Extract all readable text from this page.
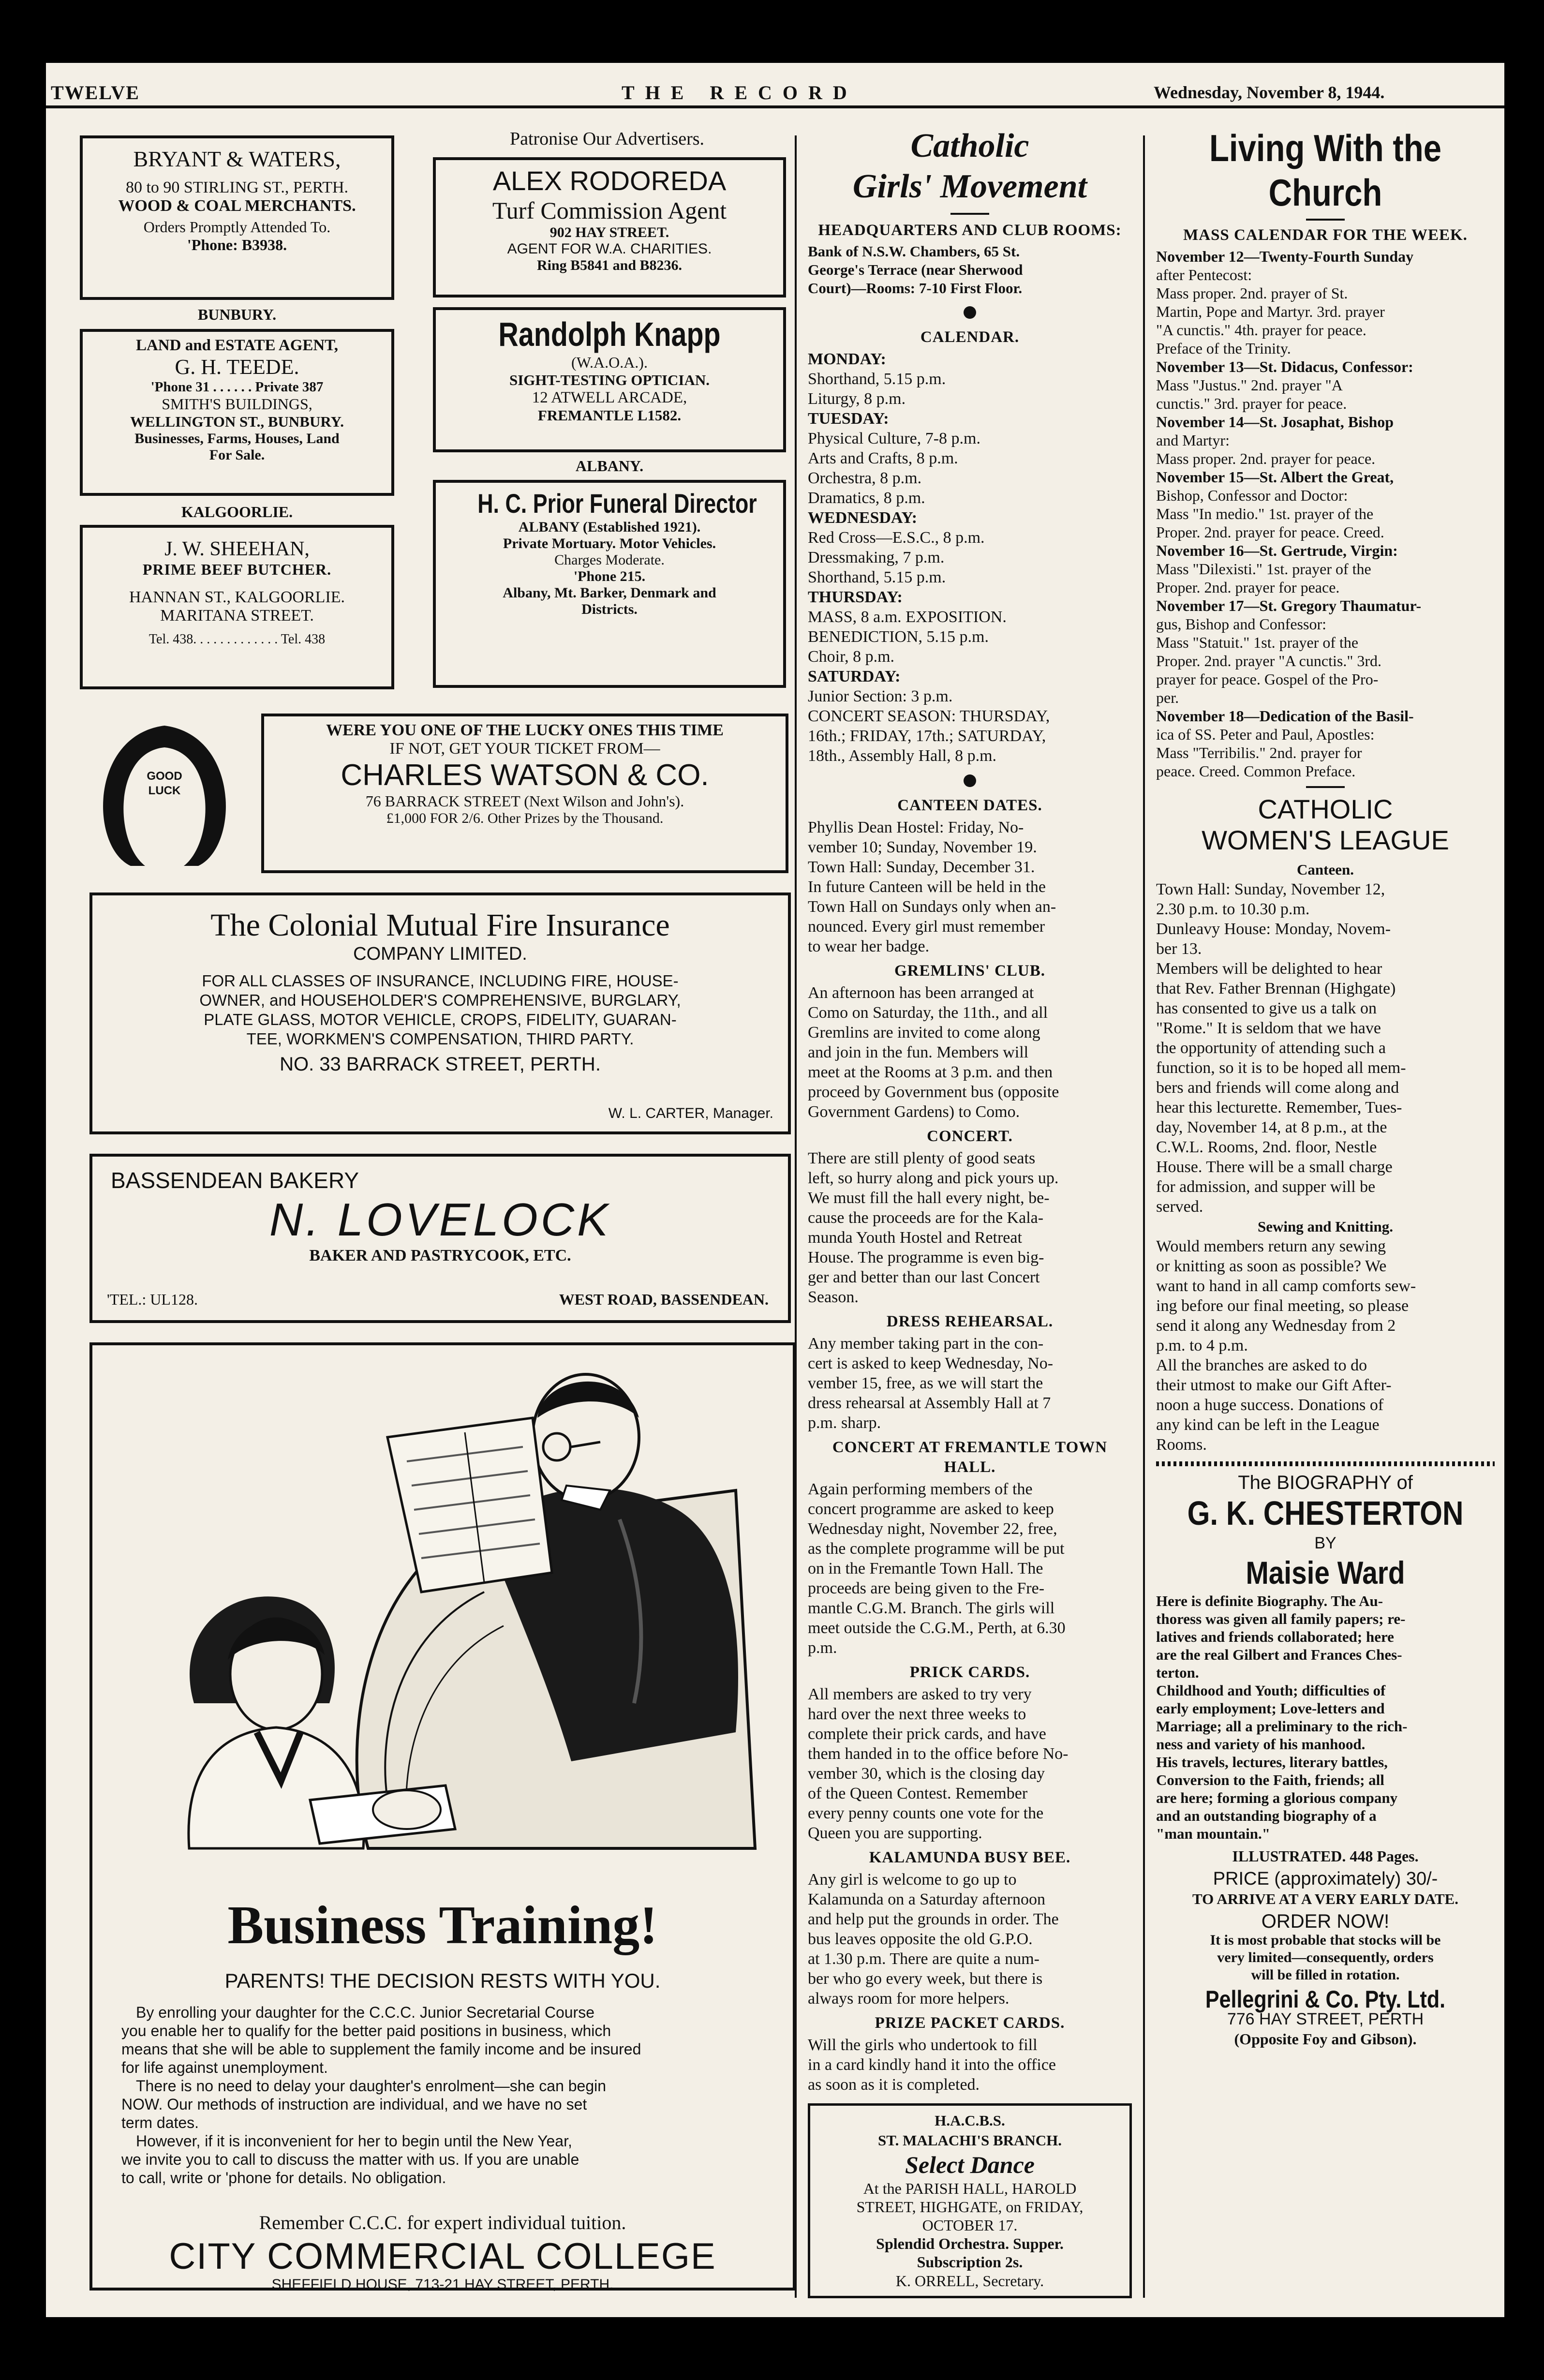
TWELVE	THE RECORD	Wednesday, November 8, 1944.
BRYANT & WATERS,
80 to 90 STIRLING ST., PERTH.
WOOD & COAL MERCHANTS.
Orders Promptly Attended To.
'Phone: B3938.
BUNBURY.
LAND and ESTATE AGENT,
G. H. TEEDE.
'Phone 31 . . . . . . Private 387
SMITH'S BUILDINGS,
WELLINGTON ST., BUNBURY.
Businesses, Farms, Houses, Land
For Sale.
KALGOORLIE.
J. W. SHEEHAN,
PRIME BEEF BUTCHER.
HANNAN ST., KALGOORLIE.
MARITANA STREET.
Tel. 438. . . . . . . . . . . . . Tel. 438
Patronise Our Advertisers.
ALEX RODOREDA
Turf Commission Agent
902 HAY STREET.
AGENT FOR W.A. CHARITIES.
Ring B5841 and B8236.
Randolph Knapp
(W.A.O.A.).
SIGHT-TESTING OPTICIAN.
12 ATWELL ARCADE,
FREMANTLE L1582.
ALBANY.
H. C. Prior Funeral Director
ALBANY (Established 1921).
Private Mortuary. Motor Vehicles.
Charges Moderate.
'Phone 215.
Albany, Mt. Barker, Denmark and
Districts.
GOOD
LUCK
WERE YOU ONE OF THE LUCKY ONES THIS TIME
IF NOT, GET YOUR TICKET FROM—
CHARLES WATSON & CO.
76 BARRACK STREET (Next Wilson and John's).
£1,000 FOR 2/6. Other Prizes by the Thousand.
The Colonial Mutual Fire Insurance
COMPANY LIMITED.
FOR ALL CLASSES OF INSURANCE, INCLUDING FIRE, HOUSE-
OWNER, and HOUSEHOLDER'S COMPREHENSIVE, BURGLARY,
PLATE GLASS, MOTOR VEHICLE, CROPS, FIDELITY, GUARAN-
TEE, WORKMEN'S COMPENSATION, THIRD PARTY.
NO. 33 BARRACK STREET, PERTH.
W. L. CARTER, Manager.
BASSENDEAN BAKERY
N. LOVELOCK
BAKER AND PASTRYCOOK, ETC.
'TEL.: UL128.	WEST ROAD, BASSENDEAN.
Business Training!
PARENTS! THE DECISION RESTS WITH YOU.
By enrolling your daughter for the C.C.C. Junior Secretarial Course
you enable her to qualify for the better paid positions in business, which
means that she will be able to supplement the family income and be insured
for life against unemployment.
There is no need to delay your daughter's enrolment—she can begin
NOW. Our methods of instruction are individual, and we have no set
term dates.
However, if it is inconvenient for her to begin until the New Year,
we invite you to call to discuss the matter with us. If you are unable
to call, write or 'phone for details. No obligation.
Remember C.C.C. for expert individual tuition.
CITY COMMERCIAL COLLEGE
SHEFFIELD HOUSE, 713-21 HAY STREET, PERTH.
Catholic
Girls' Movement
HEADQUARTERS AND CLUB ROOMS:
Bank of N.S.W. Chambers, 65 St.
George's Terrace (near Sherwood
Court)—Rooms: 7-10 First Floor.
CALENDAR.
MONDAY:
Shorthand, 5.15 p.m.
Liturgy, 8 p.m.
TUESDAY:
Physical Culture, 7-8 p.m.
Arts and Crafts, 8 p.m.
Orchestra, 8 p.m.
Dramatics, 8 p.m.
WEDNESDAY:
Red Cross—E.S.C., 8 p.m.
Dressmaking, 7 p.m.
Shorthand, 5.15 p.m.
THURSDAY:
MASS, 8 a.m. EXPOSITION.
BENEDICTION, 5.15 p.m.
Choir, 8 p.m.
SATURDAY:
Junior Section: 3 p.m.
CONCERT SEASON: THURSDAY,
16th.; FRIDAY, 17th.; SATURDAY,
18th., Assembly Hall, 8 p.m.
CANTEEN DATES.
Phyllis Dean Hostel: Friday, No-
vember 10; Sunday, November 19.
Town Hall: Sunday, December 31.
In future Canteen will be held in the
Town Hall on Sundays only when an-
nounced. Every girl must remember
to wear her badge.
GREMLINS' CLUB.
An afternoon has been arranged at
Como on Saturday, the 11th., and all
Gremlins are invited to come along
and join in the fun. Members will
meet at the Rooms at 3 p.m. and then
proceed by Government bus (opposite
Government Gardens) to Como.
CONCERT.
There are still plenty of good seats
left, so hurry along and pick yours up.
We must fill the hall every night, be-
cause the proceeds are for the Kala-
munda Youth Hostel and Retreat
House. The programme is even big-
ger and better than our last Concert
Season.
DRESS REHEARSAL.
Any member taking part in the con-
cert is asked to keep Wednesday, No-
vember 15, free, as we will start the
dress rehearsal at Assembly Hall at 7
p.m. sharp.
CONCERT AT FREMANTLE TOWN HALL.
Again performing members of the
concert programme are asked to keep
Wednesday night, November 22, free,
as the complete programme will be put
on in the Fremantle Town Hall. The
proceeds are being given to the Fre-
mantle C.G.M. Branch. The girls will
meet outside the C.G.M., Perth, at 6.30
p.m.
PRICK CARDS.
All members are asked to try very
hard over the next three weeks to
complete their prick cards, and have
them handed in to the office before No-
vember 30, which is the closing day
of the Queen Contest. Remember
every penny counts one vote for the
Queen you are supporting.
KALAMUNDA BUSY BEE.
Any girl is welcome to go up to
Kalamunda on a Saturday afternoon
and help put the grounds in order. The
bus leaves opposite the old G.P.O.
at 1.30 p.m. There are quite a num-
ber who go every week, but there is
always room for more helpers.
PRIZE PACKET CARDS.
Will the girls who undertook to fill
in a card kindly hand it into the office
as soon as it is completed.
H.A.C.B.S.
ST. MALACHI'S BRANCH.
Select Dance
At the PARISH HALL, HAROLD
STREET, HIGHGATE, on FRIDAY,
OCTOBER 17.
Splendid Orchestra. Supper.
Subscription 2s.
K. ORRELL, Secretary.
Living With the
Church
MASS CALENDAR FOR THE WEEK.
November 12—Twenty-Fourth Sunday
after Pentecost:
Mass proper. 2nd. prayer of St.
Martin, Pope and Martyr. 3rd. prayer
"A cunctis." 4th. prayer for peace.
Preface of the Trinity.
November 13—St. Didacus, Confessor:
Mass "Justus." 2nd. prayer "A
cunctis." 3rd. prayer for peace.
November 14—St. Josaphat, Bishop
and Martyr:
Mass proper. 2nd. prayer for peace.
November 15—St. Albert the Great,
Bishop, Confessor and Doctor:
Mass "In medio." 1st. prayer of the
Proper. 2nd. prayer for peace. Creed.
November 16—St. Gertrude, Virgin:
Mass "Dilexisti." 1st. prayer of the
Proper. 2nd. prayer for peace.
November 17—St. Gregory Thaumatur-
gus, Bishop and Confessor:
Mass "Statuit." 1st. prayer of the
Proper. 2nd. prayer "A cunctis." 3rd.
prayer for peace. Gospel of the Pro-
per.
November 18—Dedication of the Basil-
ica of SS. Peter and Paul, Apostles:
Mass "Terribilis." 2nd. prayer for
peace. Creed. Common Preface.
CATHOLIC
WOMEN'S LEAGUE
Canteen.
Town Hall: Sunday, November 12,
2.30 p.m. to 10.30 p.m.
Dunleavy House: Monday, Novem-
ber 13.
Members will be delighted to hear
that Rev. Father Brennan (Highgate)
has consented to give us a talk on
"Rome." It is seldom that we have
the opportunity of attending such a
function, so it is to be hoped all mem-
bers and friends will come along and
hear this lecturette. Remember, Tues-
day, November 14, at 8 p.m., at the
C.W.L. Rooms, 2nd. floor, Nestle
House. There will be a small charge
for admission, and supper will be
served.
Sewing and Knitting.
Would members return any sewing
or knitting as soon as possible? We
want to hand in all camp comforts sew-
ing before our final meeting, so please
send it along any Wednesday from 2
p.m. to 4 p.m.
All the branches are asked to do
their utmost to make our Gift After-
noon a huge success. Donations of
any kind can be left in the League
Rooms.
The BIOGRAPHY of
G. K. CHESTERTON
BY
Maisie Ward
Here is definite Biography. The Au-
thoress was given all family papers; re-
latives and friends collaborated; here
are the real Gilbert and Frances Ches-
terton.
Childhood and Youth; difficulties of
early employment; Love-letters and
Marriage; all a preliminary to the rich-
ness and variety of his manhood.
His travels, lectures, literary battles,
Conversion to the Faith, friends; all
are here; forming a glorious company
and an outstanding biography of a
"man mountain."
ILLUSTRATED. 448 Pages.
PRICE (approximately) 30/-
TO ARRIVE AT A VERY EARLY DATE.
ORDER NOW!
It is most probable that stocks will be
very limited—consequently, orders
will be filled in rotation.
Pellegrini & Co. Pty. Ltd.
776 HAY STREET, PERTH
(Opposite Foy and Gibson).
